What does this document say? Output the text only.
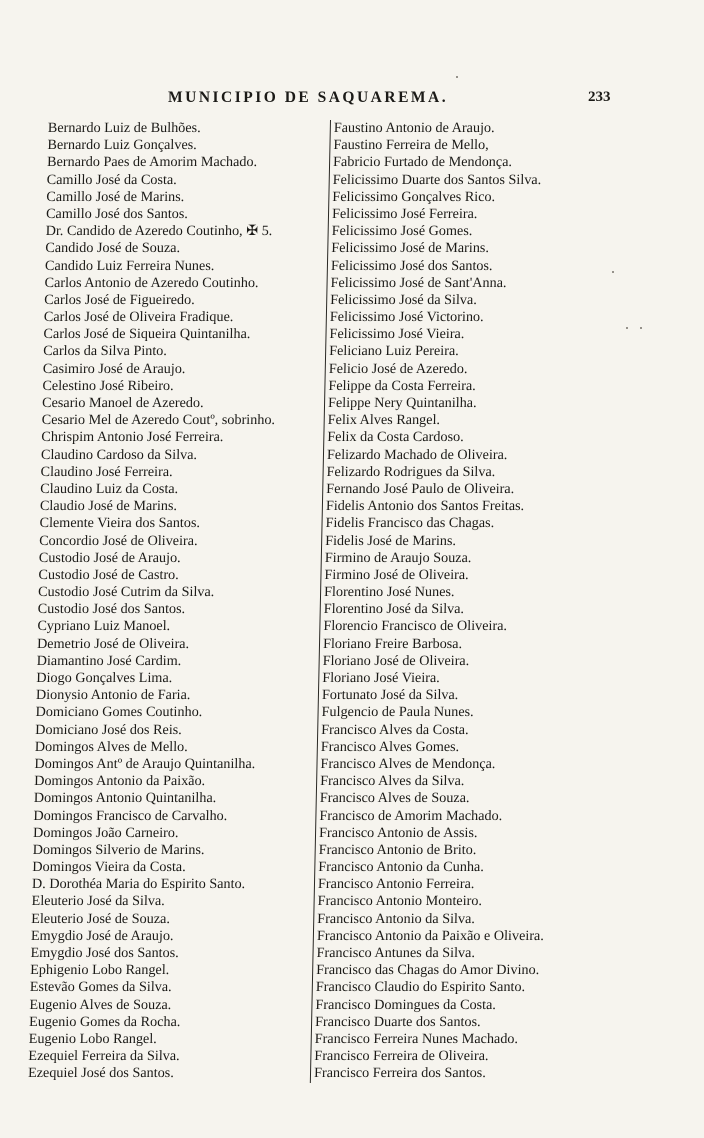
MUNICIPIO DE SAQUAREMA.	233
Bernardo Luiz de Bulhões.
Bernardo Luiz Gonçalves.
Bernardo Paes de Amorim Machado.
Camillo José da Costa.
Camillo José de Marins.
Camillo José dos Santos.
Dr. Candido de Azeredo Coutinho, ✠ 5.
Candido José de Souza.
Candido Luiz Ferreira Nunes.
Carlos Antonio de Azeredo Coutinho.
Carlos José de Figueiredo.
Carlos José de Oliveira Fradique.
Carlos José de Siqueira Quintanilha.
Carlos da Silva Pinto.
Casimiro José de Araujo.
Celestino José Ribeiro.
Cesario Manoel de Azeredo.
Cesario Mel de Azeredo Coutº, sobrinho.
Chrispim Antonio José Ferreira.
Claudino Cardoso da Silva.
Claudino José Ferreira.
Claudino Luiz da Costa.
Claudio José de Marins.
Clemente Vieira dos Santos.
Concordio José de Oliveira.
Custodio José de Araujo.
Custodio José de Castro.
Custodio José Cutrim da Silva.
Custodio José dos Santos.
Cypriano Luiz Manoel.
Demetrio José de Oliveira.
Diamantino José Cardim.
Diogo Gonçalves Lima.
Dionysio Antonio de Faria.
Domiciano Gomes Coutinho.
Domiciano José dos Reis.
Domingos Alves de Mello.
Domingos Antº de Araujo Quintanilha.
Domingos Antonio da Paixão.
Domingos Antonio Quintanilha.
Domingos Francisco de Carvalho.
Domingos João Carneiro.
Domingos Silverio de Marins.
Domingos Vieira da Costa.
D. Dorothéa Maria do Espirito Santo.
Eleuterio José da Silva.
Eleuterio José de Souza.
Emygdio José de Araujo.
Emygdio José dos Santos.
Ephigenio Lobo Rangel.
Estevão Gomes da Silva.
Eugenio Alves de Souza.
Eugenio Gomes da Rocha.
Eugenio Lobo Rangel.
Ezequiel Ferreira da Silva.
Ezequiel José dos Santos.
Faustino Antonio de Araujo.
Faustino Ferreira de Mello,
Fabricio Furtado de Mendonça.
Felicissimo Duarte dos Santos Silva.
Felicissimo Gonçalves Rico.
Felicissimo José Ferreira.
Felicissimo José Gomes.
Felicissimo José de Marins.
Felicissimo José dos Santos.
Felicissimo José de Sant'Anna.
Felicissimo José da Silva.
Felicissimo José Victorino.
Felicissimo José Vieira.
Feliciano Luiz Pereira.
Felicio José de Azeredo.
Felippe da Costa Ferreira.
Felippe Nery Quintanilha.
Felix Alves Rangel.
Felix da Costa Cardoso.
Felizardo Machado de Oliveira.
Felizardo Rodrigues da Silva.
Fernando José Paulo de Oliveira.
Fidelis Antonio dos Santos Freitas.
Fidelis Francisco das Chagas.
Fidelis José de Marins.
Firmino de Araujo Souza.
Firmino José de Oliveira.
Florentino José Nunes.
Florentino José da Silva.
Florencio Francisco de Oliveira.
Floriano Freire Barbosa.
Floriano José de Oliveira.
Floriano José Vieira.
Fortunato José da Silva.
Fulgencio de Paula Nunes.
Francisco Alves da Costa.
Francisco Alves Gomes.
Francisco Alves de Mendonça.
Francisco Alves da Silva.
Francisco Alves de Souza.
Francisco de Amorim Machado.
Francisco Antonio de Assis.
Francisco Antonio de Brito.
Francisco Antonio da Cunha.
Francisco Antonio Ferreira.
Francisco Antonio Monteiro.
Francisco Antonio da Silva.
Francisco Antonio da Paixão e Oliveira.
Francisco Antunes da Silva.
Francisco das Chagas do Amor Divino.
Francisco Claudio do Espirito Santo.
Francisco Domingues da Costa.
Francisco Duarte dos Santos.
Francisco Ferreira Nunes Machado.
Francisco Ferreira de Oliveira.
Francisco Ferreira dos Santos.
